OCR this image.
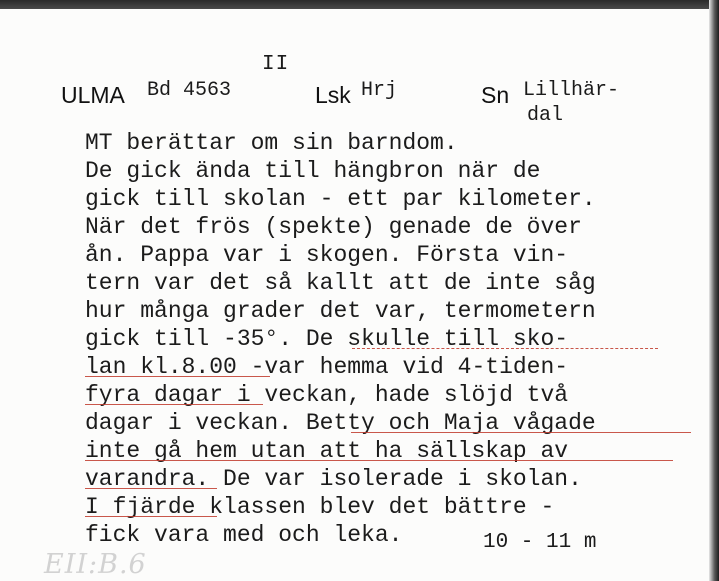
II
ULMA Bd 4563	Lsk Hrj	Sn Lillhär-
dal
MT berättar om sin barndom.
De gick ända till hängbron när de
gick till skolan - ett par kilometer.
När det frös (spekte) genade de över
ån. Pappa var i skogen. Första vin-
tern var det så kallt att de inte såg
hur många grader det var, termometern
gick till -35°. De skulle till sko-
lan kl.8.00 -var hemma vid 4-tiden-
fyra dagar i veckan, hade slöjd två
dagar i veckan. Betty och Maja vågade
inte gå hem utan att ha sällskap av
varandra. De var isolerade i skolan.
I fjärde klassen blev det bättre -
fick vara med och leka.	10 - 11 m
EII:B.6
